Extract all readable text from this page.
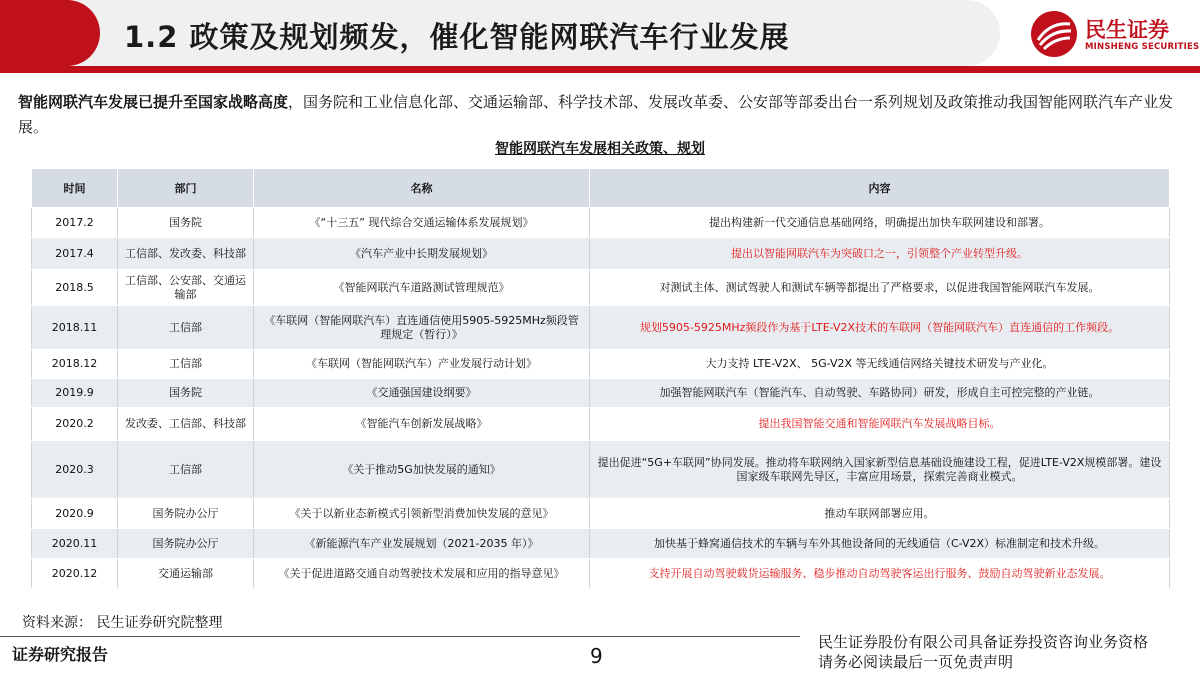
1.2 政策及规划频发，催化智能网联汽车行业发展	民生证券
MINSHENG SECURITIES
智能网联汽车发展已提升至国家战略高度，国务院和工业信息化部、交通运输部、科学技术部、发展改革委、公安部等部委出台一系列规划及政策推动我国智能网联汽车产业发展。
智能网联汽车发展相关政策、规划
时间	部门	名称	内容
2017.2	国务院	《“十三五” 现代综合交通运输体系发展规划》	提出构建新一代交通信息基础网络，明确提出加快车联网建设和部署。
2017.4	工信部、发改委、科技部	《汽车产业中长期发展规划》	提出以智能网联汽车为突破口之一，引领整个产业转型升级。
2018.5	工信部、公安部、交通运输部	《智能网联汽车道路测试管理规范》	对测试主体、测试驾驶人和测试车辆等都提出了严格要求，以促进我国智能网联汽车发展。
2018.11	工信部	《车联网（智能网联汽车）直连通信使用5905-5925MHz频段管理规定（暂行）》	规划5905-5925MHz频段作为基于LTE-V2X技术的车联网（智能网联汽车）直连通信的工作频段。
2018.12	工信部	《车联网（智能网联汽车）产业发展行动计划》	大力支持 LTE-V2X、 5G-V2X 等无线通信网络关键技术研发与产业化。
2019.9	国务院	《交通强国建设纲要》	加强智能网联汽车（智能汽车、自动驾驶、车路协同）研发，形成自主可控完整的产业链。
2020.2	发改委、工信部、科技部	《智能汽车创新发展战略》	提出我国智能交通和智能网联汽车发展战略目标。
2020.3	工信部	《关于推动5G加快发展的通知》	提出促进“5G+车联网”协同发展。推动将车联网纳入国家新型信息基础设施建设工程，促进LTE-V2X规模部署。建设国家级车联网先导区，丰富应用场景，探索完善商业模式。
2020.9	国务院办公厅	《关于以新业态新模式引领新型消费加快发展的意见》	推动车联网部署应用。
2020.11	国务院办公厅	《新能源汽车产业发展规划（2021-2035 年）》	加快基于蜂窝通信技术的车辆与车外其他设备间的无线通信（C-V2X）标准制定和技术升级。
2020.12	交通运输部	《关于促进道路交通自动驾驶技术发展和应用的指导意见》	支持开展自动驾驶载货运输服务、稳步推动自动驾驶客运出行服务、鼓励自动驾驶新业态发展。
资料来源： 民生证券研究院整理
证券研究报告	9
民生证券股份有限公司具备证券投资咨询业务资格
请务必阅读最后一页免责声明
